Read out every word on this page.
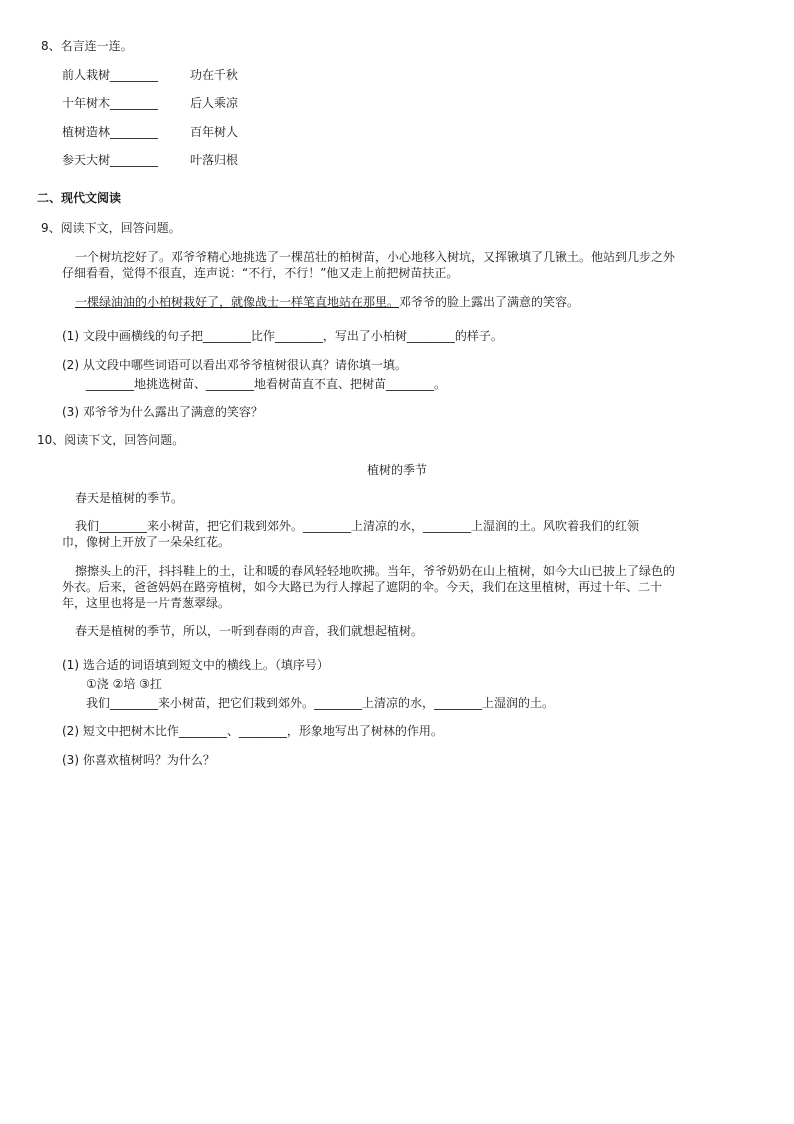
8、名言连一连。
前人栽树________	功在千秋
十年树木________	后人乘凉
植树造林________	百年树人
参天大树________	叶落归根
二、现代文阅读
9、阅读下文，回答问题。
一个树坑挖好了。邓爷爷精心地挑选了一棵茁壮的柏树苗，小心地移入树坑，又挥锹填了几锹土。他站到几步之外
仔细看看，觉得不很直，连声说：“不行，不行！”他又走上前把树苗扶正。
一棵绿油油的小柏树栽好了，就像战士一样笔直地站在那里。邓爷爷的脸上露出了满意的笑容。
(1) 文段中画横线的句子把________比作________，写出了小柏树________的样子。
(2) 从文段中哪些词语可以看出邓爷爷植树很认真？请你填一填。
________地挑选树苗、________地看树苗直不直、把树苗________。
(3) 邓爷爷为什么露出了满意的笑容？
10、阅读下文，回答问题。
植树的季节
春天是植树的季节。
我们________来小树苗，把它们栽到郊外。________上清凉的水，________上湿润的土。风吹着我们的红领
巾，像树上开放了一朵朵红花。
擦擦头上的汗，抖抖鞋上的土，让和暖的春风轻轻地吹拂。当年，爷爷奶奶在山上植树，如今大山已披上了绿色的
外衣。后来，爸爸妈妈在路旁植树，如今大路已为行人撑起了遮阴的伞。今天，我们在这里植树，再过十年、二十
年，这里也将是一片青葱翠绿。
春天是植树的季节，所以，一听到春雨的声音，我们就想起植树。
(1) 选合适的词语填到短文中的横线上。（填序号）
①浇 ②培 ③扛
我们________来小树苗，把它们栽到郊外。________上清凉的水，________上湿润的土。
(2) 短文中把树木比作________、________，形象地写出了树林的作用。
(3) 你喜欢植树吗？为什么？
